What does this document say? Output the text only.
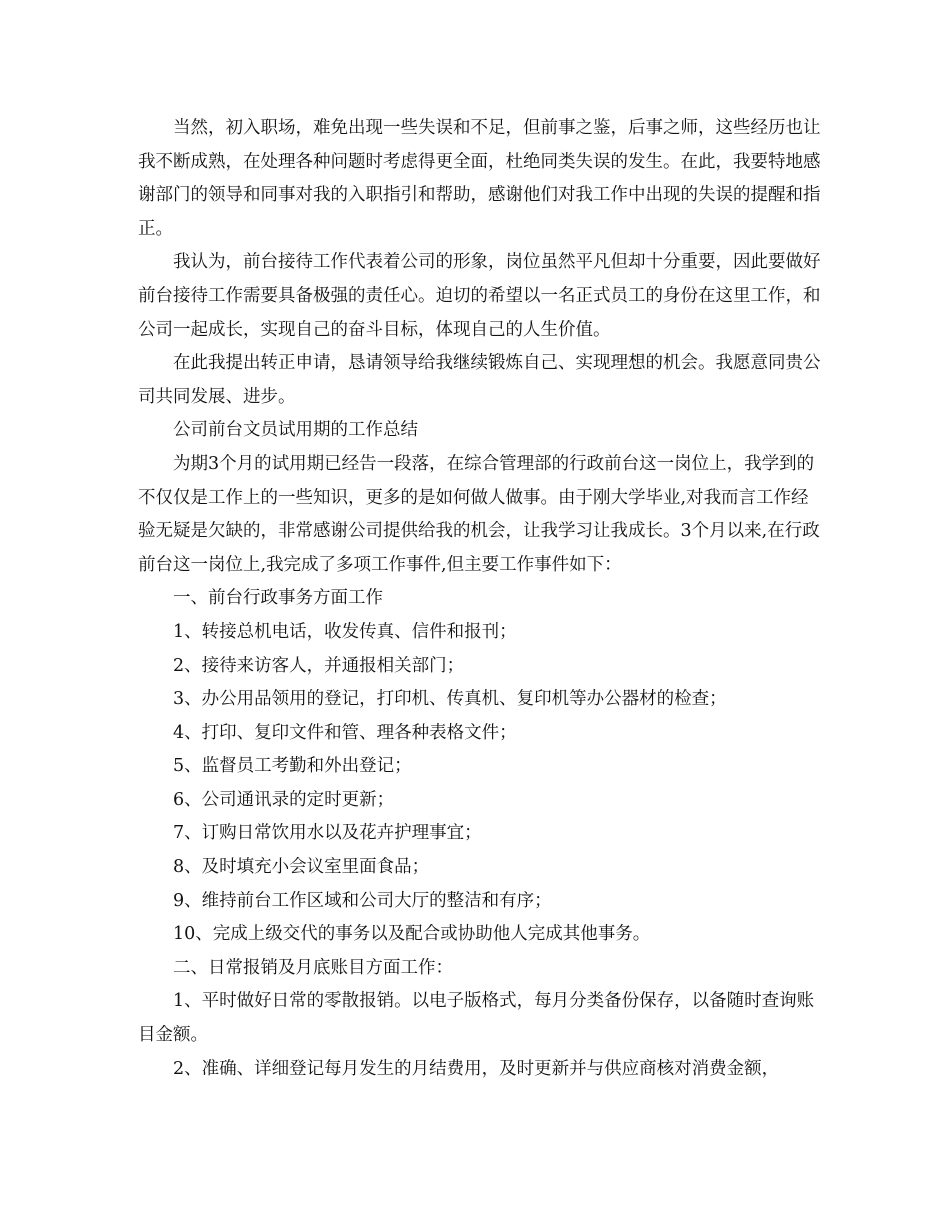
当然，初入职场，难免出现一些失误和不足，但前事之鉴，后事之师，这些经历也让我不断成熟，在处理各种问题时考虑得更全面，杜绝同类失误的发生。在此，我要特地感谢部门的领导和同事对我的入职指引和帮助，感谢他们对我工作中出现的失误的提醒和指正。

我认为，前台接待工作代表着公司的形象，岗位虽然平凡但却十分重要，因此要做好前台接待工作需要具备极强的责任心。迫切的希望以一名正式员工的身份在这里工作，和公司一起成长，实现自己的奋斗目标，体现自己的人生价值。

在此我提出转正申请，恳请领导给我继续锻炼自己、实现理想的机会。我愿意同贵公司共同发展、进步。

公司前台文员试用期的工作总结

为期3个月的试用期已经告一段落，在综合管理部的行政前台这一岗位上，我学到的不仅仅是工作上的一些知识，更多的是如何做人做事。由于刚大学毕业,对我而言工作经验无疑是欠缺的，非常感谢公司提供给我的机会，让我学习让我成长。3个月以来,在行政前台这一岗位上,我完成了多项工作事件,但主要工作事件如下：

一、前台行政事务方面工作

1、转接总机电话，收发传真、信件和报刊；

2、接待来访客人，并通报相关部门；

3、办公用品领用的登记，打印机、传真机、复印机等办公器材的检查；

4、打印、复印文件和管、理各种表格文件；

5、监督员工考勤和外出登记；

6、公司通讯录的定时更新；

7、订购日常饮用水以及花卉护理事宜；

8、及时填充小会议室里面食品；

9、维持前台工作区域和公司大厅的整洁和有序；

10、完成上级交代的事务以及配合或协助他人完成其他事务。

二、日常报销及月底账目方面工作：

1、平时做好日常的零散报销。以电子版格式，每月分类备份保存，以备随时查询账目金额。

2、准确、详细登记每月发生的月结费用，及时更新并与供应商核对消费金额，
